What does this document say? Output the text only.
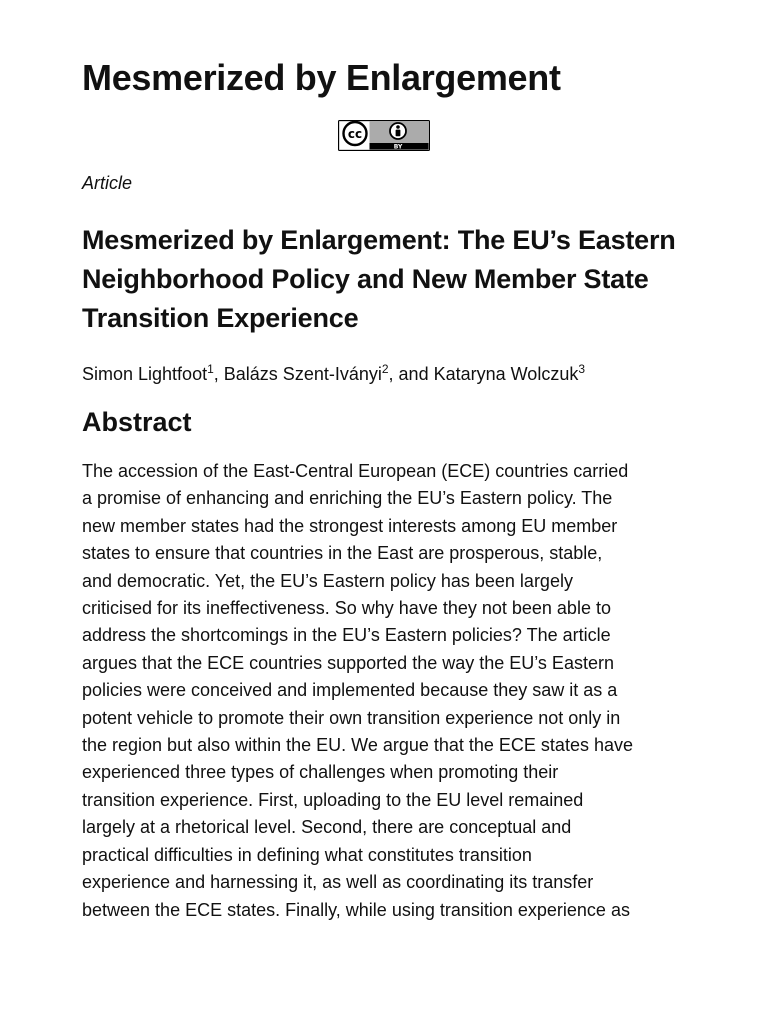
Mesmerized by Enlargement
cc
BY
Article
Mesmerized by Enlargement: The EU’s Eastern Neighborhood Policy and New Member State Transition Experience
Simon Lightfoot$^1$, Balázs Szent-Iványi$^2$, and Kataryna Wolczuk$^3$
Abstract
The accession of the East-Central European (ECE) countries carried
a promise of enhancing and enriching the EU’s Eastern policy. The
new member states had the strongest interests among EU member
states to ensure that countries in the East are prosperous, stable,
and democratic. Yet, the EU’s Eastern policy has been largely
criticised for its ineffectiveness. So why have they not been able to
address the shortcomings in the EU’s Eastern policies? The article
argues that the ECE countries supported the way the EU’s Eastern
policies were conceived and implemented because they saw it as a
potent vehicle to promote their own transition experience not only in
the region but also within the EU. We argue that the ECE states have
experienced three types of challenges when promoting their
transition experience. First, uploading to the EU level remained
largely at a rhetorical level. Second, there are conceptual and
practical difficulties in defining what constitutes transition
experience and harnessing it, as well as coordinating its transfer
between the ECE states. Finally, while using transition experience as
